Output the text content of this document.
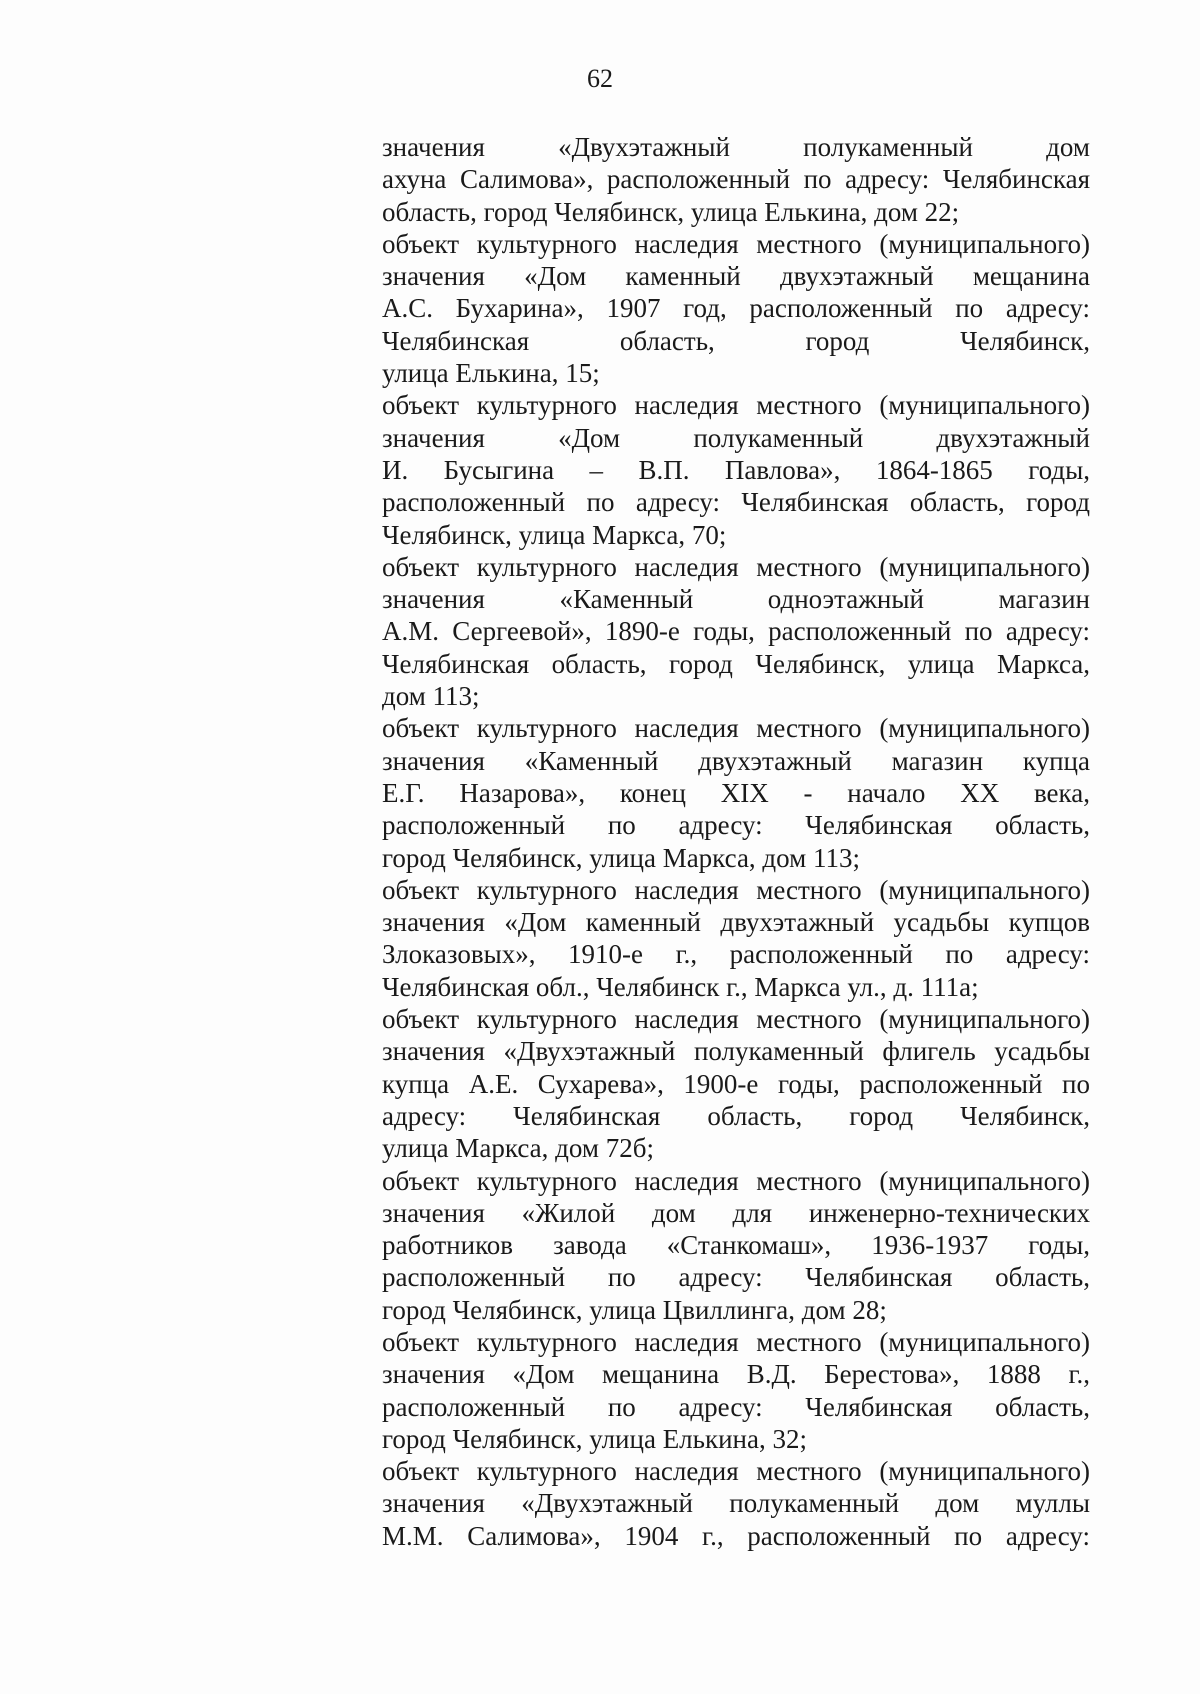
62
значения «Двухэтажный полукаменный дом
ахуна Салимова», расположенный по адресу: Челябинская
область, город Челябинск, улица Елькина, дом 22;
объект культурного наследия местного (муниципального)
значения «Дом каменный двухэтажный мещанина
А.С. Бухарина», 1907 год, расположенный по адресу:
Челябинская область, город Челябинск,
улица Елькина, 15;
объект культурного наследия местного (муниципального)
значения «Дом полукаменный двухэтажный
И. Бусыгина – В.П. Павлова», 1864-1865 годы,
расположенный по адресу: Челябинская область, город
Челябинск, улица Маркса, 70;
объект культурного наследия местного (муниципального)
значения «Каменный одноэтажный магазин
А.М. Сергеевой», 1890-е годы, расположенный по адресу:
Челябинская область, город Челябинск, улица Маркса,
дом 113;
объект культурного наследия местного (муниципального)
значения «Каменный двухэтажный магазин купца
Е.Г. Назарова», конец XIX - начало XX века,
расположенный по адресу: Челябинская область,
город Челябинск, улица Маркса, дом 113;
объект культурного наследия местного (муниципального)
значения «Дом каменный двухэтажный усадьбы купцов
Злоказовых», 1910-е г., расположенный по адресу:
Челябинская обл., Челябинск г., Маркса ул., д. 111а;
объект культурного наследия местного (муниципального)
значения «Двухэтажный полукаменный флигель усадьбы
купца А.Е. Сухарева», 1900-е годы, расположенный по
адресу: Челябинская область, город Челябинск,
улица Маркса, дом 72б;
объект культурного наследия местного (муниципального)
значения «Жилой дом для инженерно-технических
работников завода «Станкомаш», 1936-1937 годы,
расположенный по адресу: Челябинская область,
город Челябинск, улица Цвиллинга, дом 28;
объект культурного наследия местного (муниципального)
значения «Дом мещанина В.Д. Берестова», 1888 г.,
расположенный по адресу: Челябинская область,
город Челябинск, улица Елькина, 32;
объект культурного наследия местного (муниципального)
значения «Двухэтажный полукаменный дом муллы
М.М. Салимова», 1904 г., расположенный по адресу:
